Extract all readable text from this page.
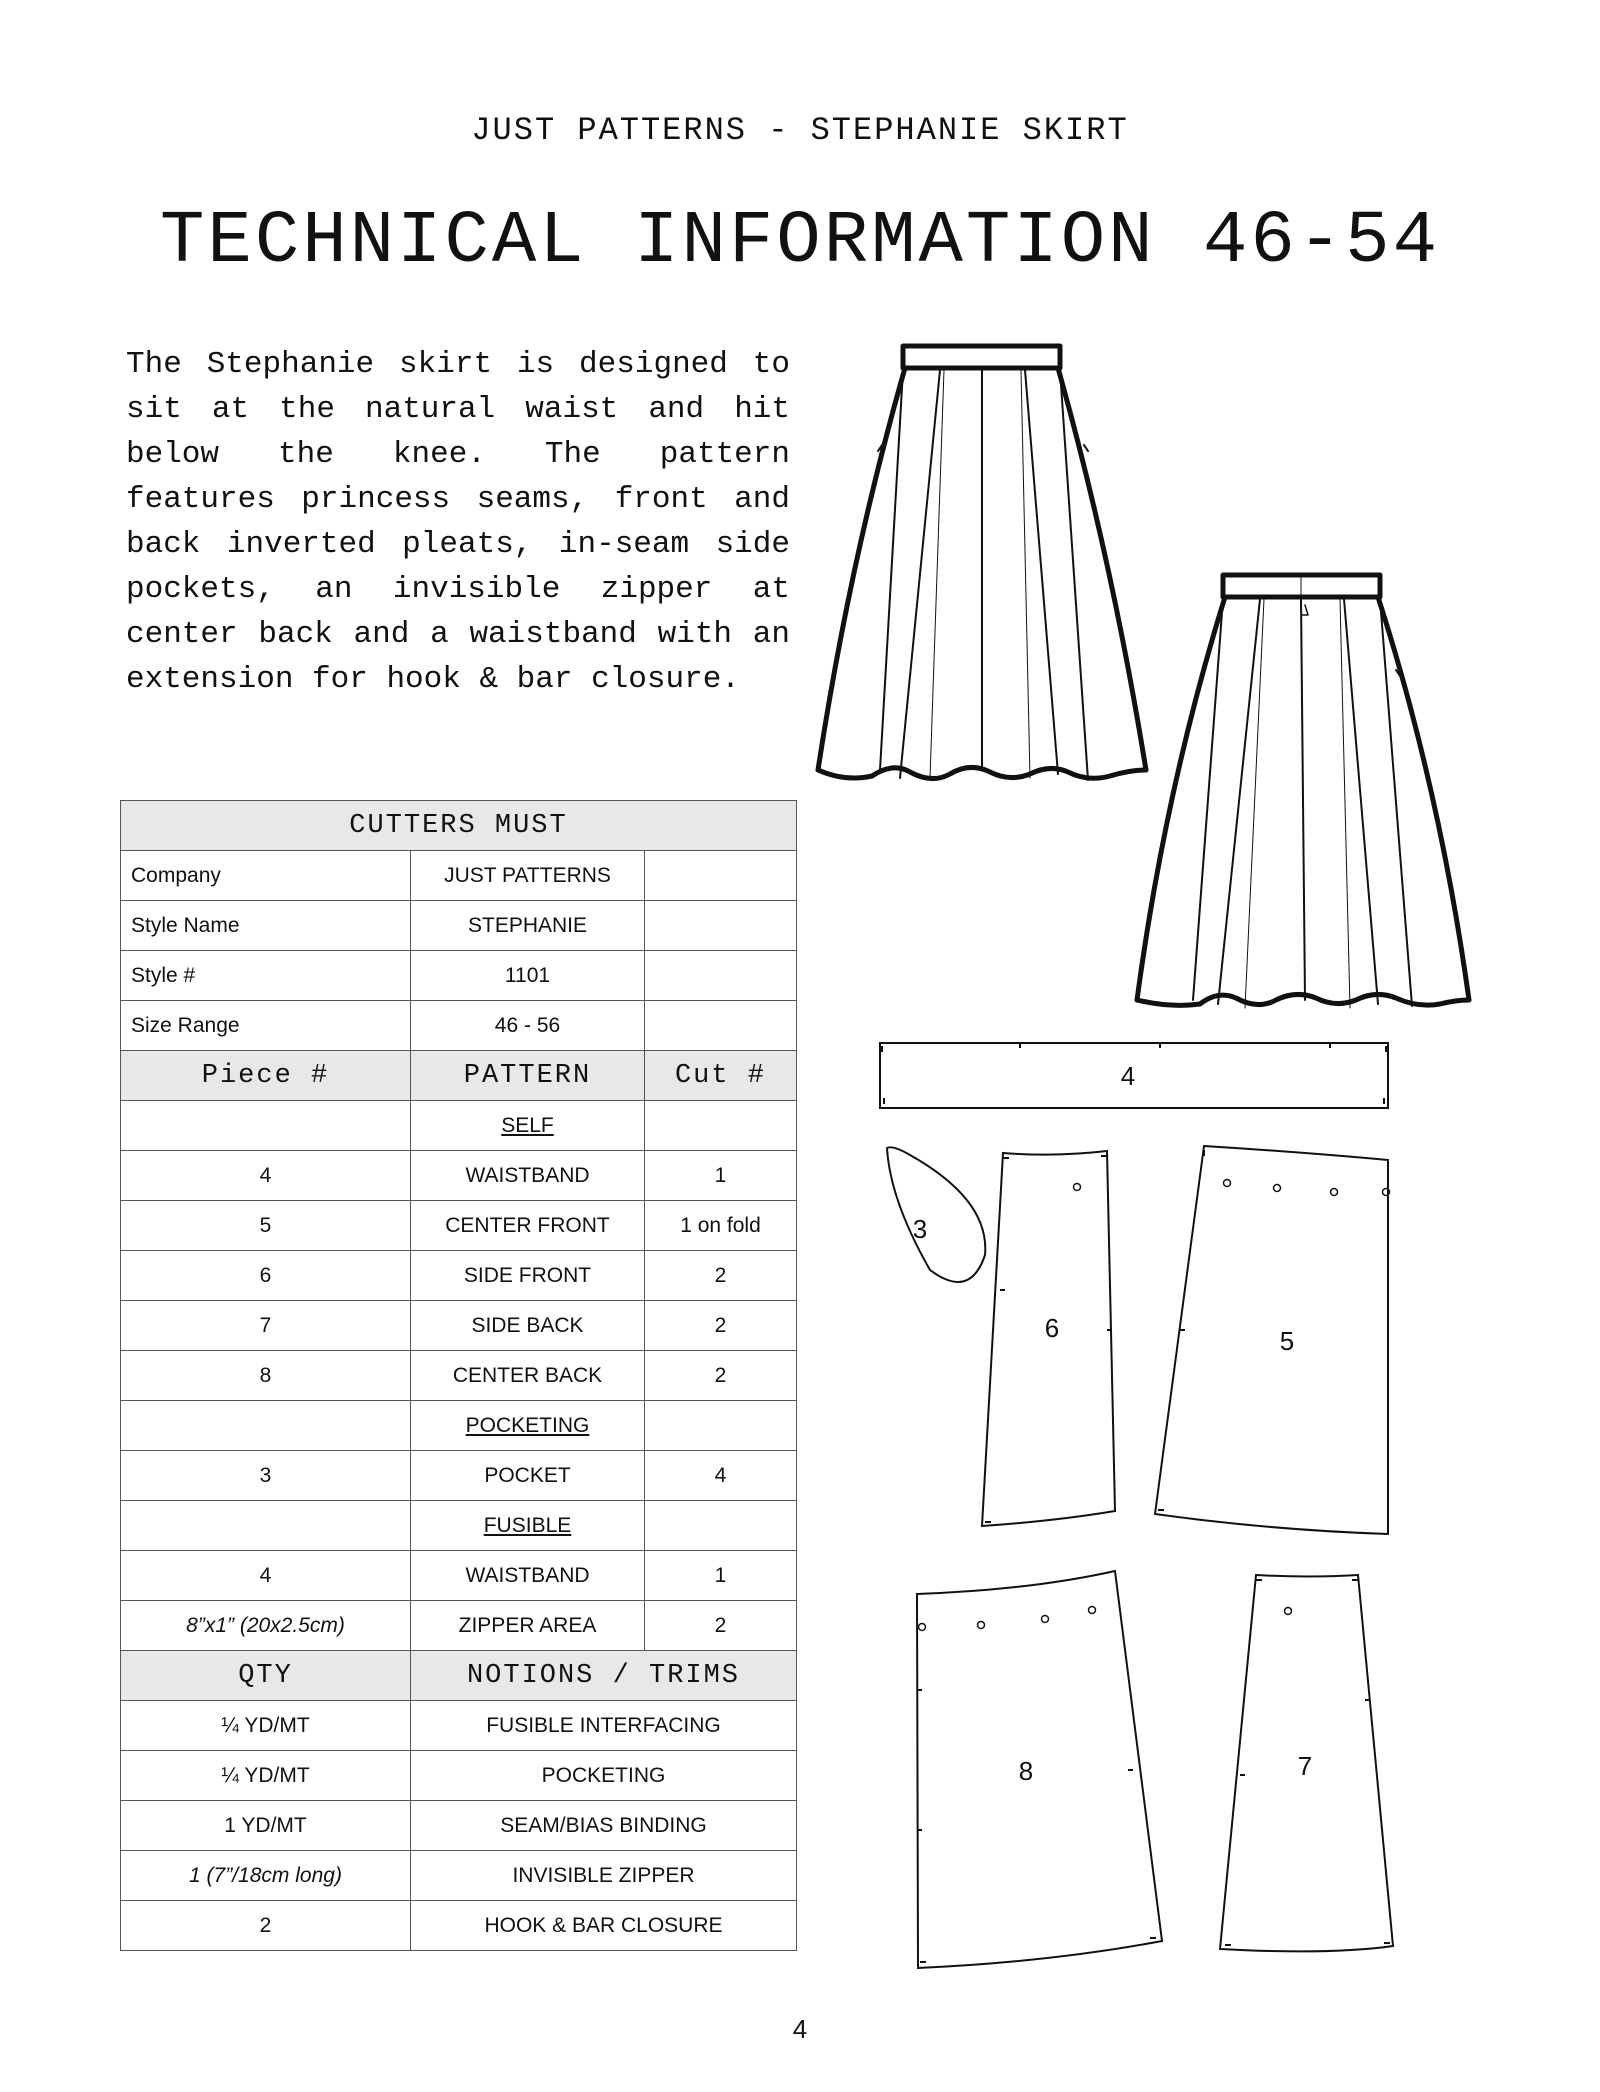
JUST PATTERNS - STEPHANIE SKIRT
TECHNICAL INFORMATION 46-54

The Stephanie skirt is designed to sit at the natural waist and hit below the knee. The pattern features princess seams, front and back inverted pleats, in-seam side pockets, an invisible zipper at center back and a waistband with an extension for hook & bar closure.

CUTTERS MUST		
Company	JUST PATTERNS	
Style Name	STEPHANIE	
Style #	1101	
Size Range	46 - 56	
Piece #	PATTERN	Cut #
	SELF	
4	WAISTBAND	1
5	CENTER FRONT	1 on fold
6	SIDE FRONT	2
7	SIDE BACK	2
8	CENTER BACK	2
	POCKETING	
3	POCKET	4
	FUSIBLE	
4	WAISTBAND	1
8”x1” (20x2.5cm)	ZIPPER AREA	2
QTY	NOTIONS / TRIMS	
¼ YD/MT	FUSIBLE INTERFACING	
¼ YD/MT	POCKETING	
1 YD/MT	SEAM/BIAS BINDING	
1 (7”/18cm long)	INVISIBLE ZIPPER	
2	HOOK & BAR CLOSURE	
4
3
6	5
8	7
4
